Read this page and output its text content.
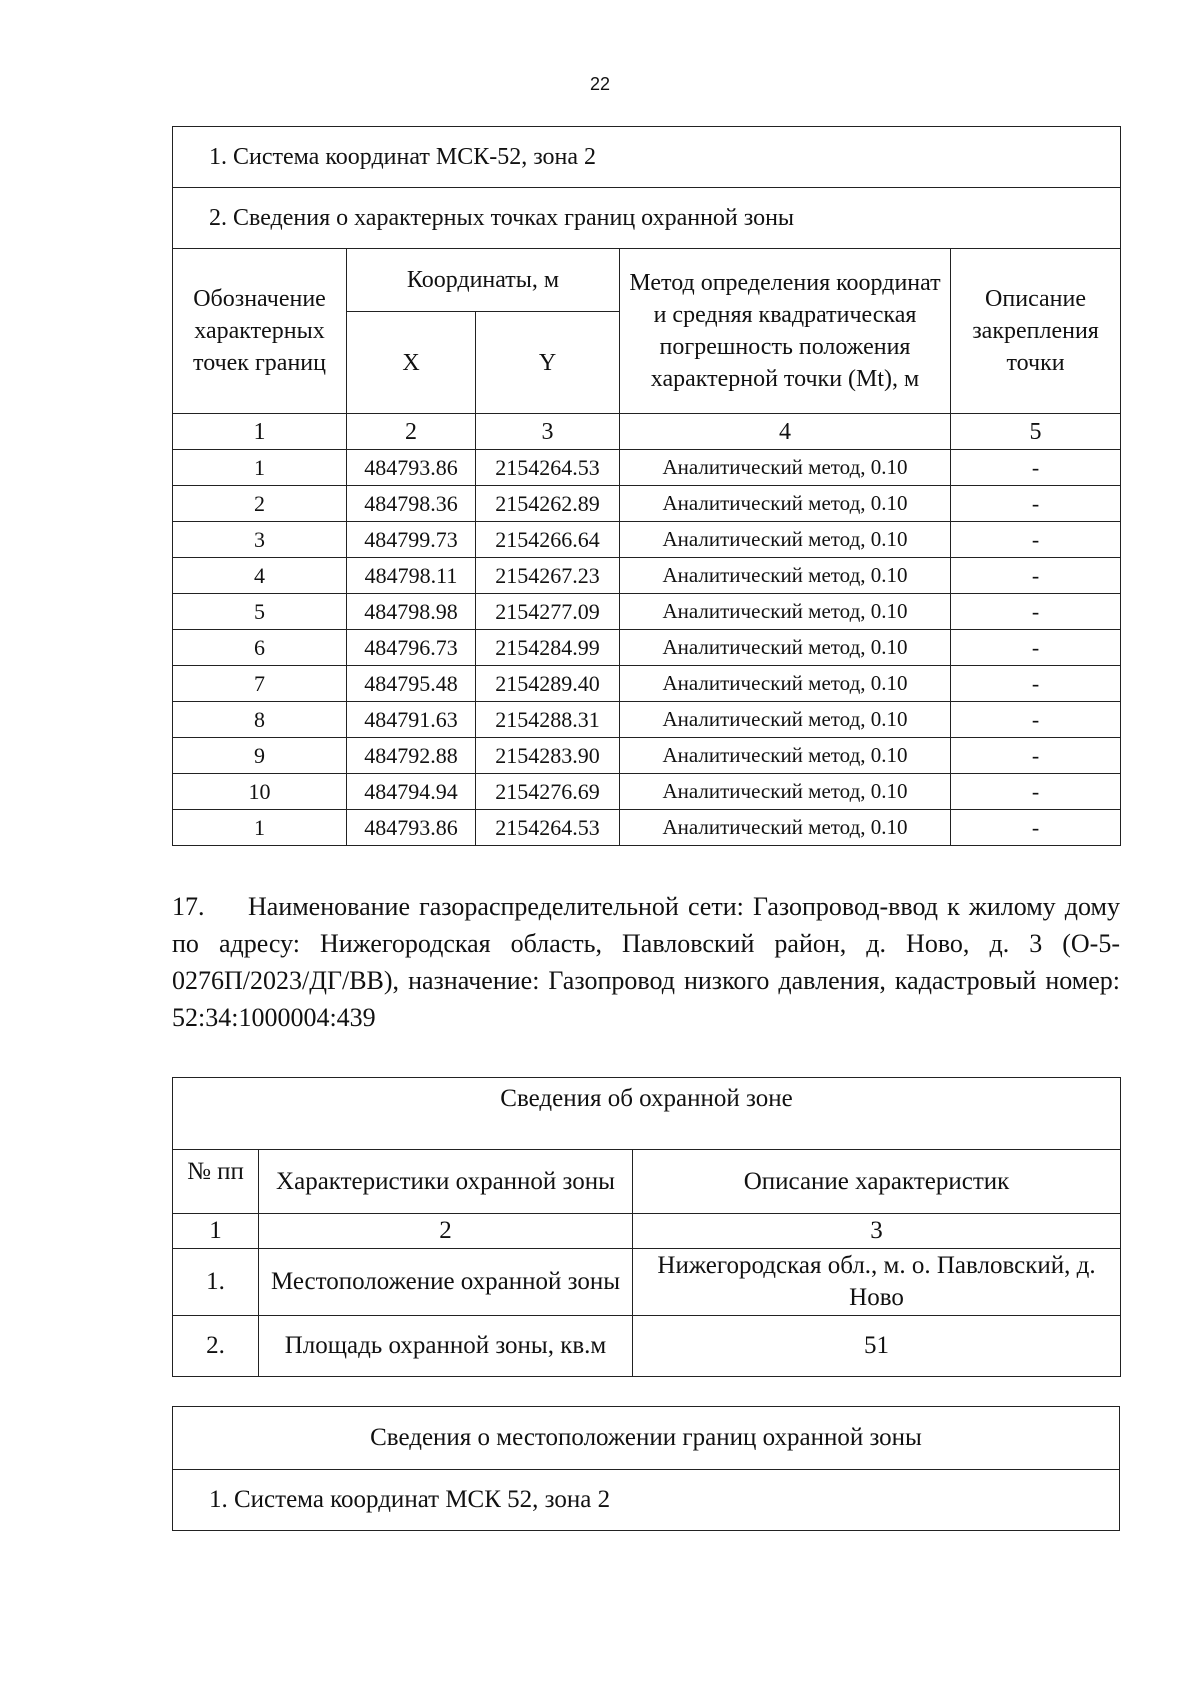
22
1. Система координат МСК-52, зона 2				
2. Сведения о характерных точках границ охранной зоны				
Обозначение характерных точек границ	Координаты, м		Метод определения координат и средняя квадратическая погрешность положения характерной точки (Mt), м	Описание закрепления точки
	X	Y		
1	2	3	4	5
1	484793.86	2154264.53	Аналитический метод, 0.10	-
2	484798.36	2154262.89	Аналитический метод, 0.10	-
3	484799.73	2154266.64	Аналитический метод, 0.10	-
4	484798.11	2154267.23	Аналитический метод, 0.10	-
5	484798.98	2154277.09	Аналитический метод, 0.10	-
6	484796.73	2154284.99	Аналитический метод, 0.10	-
7	484795.48	2154289.40	Аналитический метод, 0.10	-
8	484791.63	2154288.31	Аналитический метод, 0.10	-
9	484792.88	2154283.90	Аналитический метод, 0.10	-
10	484794.94	2154276.69	Аналитический метод, 0.10	-
1	484793.86	2154264.53	Аналитический метод, 0.10	-

17. Наименование газораспределительной сети: Газопровод-ввод к жилому дому по адресу: Нижегородская область, Павловский район, д. Ново, д. 3 (О-5-0276П/2023/ДГ/ВВ), назначение: Газопровод низкого давления, кадастровый номер: 52:34:1000004:439

Сведения об охранной зоне		
№ пп	Характеристики охранной зоны	Описание характеристик
1	2	3
1.	Местоположение охранной зоны	Нижегородская обл., м. о. Павловский, д. Ново
2.	Площадь охранной зоны, кв.м	51
Сведения о местоположении границ охранной зоны
1. Система координат МСК 52, зона 2
